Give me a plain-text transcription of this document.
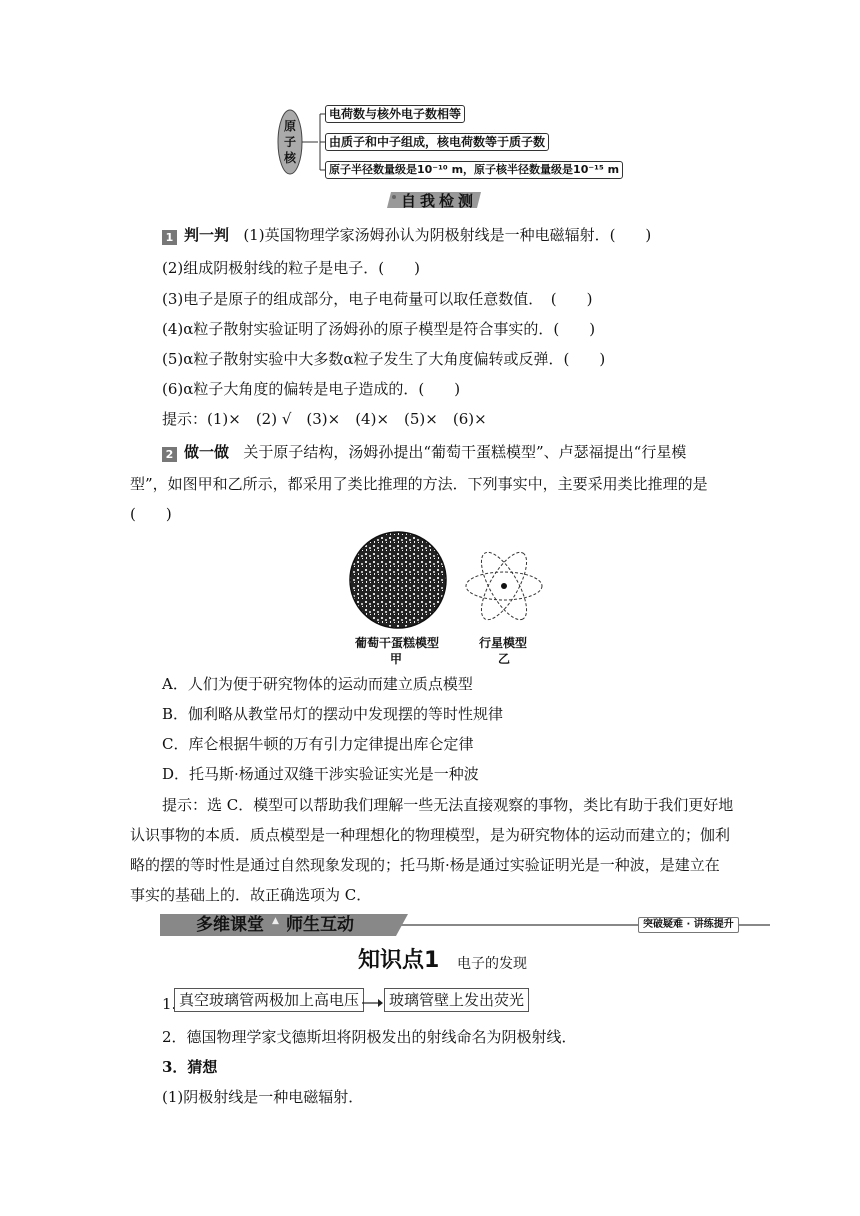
原
子
核
电荷数与核外电子数相等
由质子和中子组成，核电荷数等于质子数
原子半径数量级是10⁻¹⁰ m，原子核半径数量级是10⁻¹⁵ m
自我检测
1 判一判 (1)英国物理学家汤姆孙认为阴极射线是一种电磁辐射．(　　)
(2)组成阴极射线的粒子是电子．(　　)
(3)电子是原子的组成部分，电子电荷量可以取任意数值．　(　　)
(4)α粒子散射实验证明了汤姆孙的原子模型是符合事实的．(　　)
(5)α粒子散射实验中大多数α粒子发生了大角度偏转或反弹．(　　)
(6)α粒子大角度的偏转是电子造成的．(　　)
提示：(1)×　(2) √　(3)×　(4)×　(5)×　(6)×
2 做一做 关于原子结构，汤姆孙提出“葡萄干蛋糕模型”、卢瑟福提出“行星模
型”，如图甲和乙所示，都采用了类比推理的方法．下列事实中，主要采用类比推理的是
(　　)
葡萄干蛋糕模型
甲
行星模型
乙
A．人们为便于研究物体的运动而建立质点模型
B．伽利略从教堂吊灯的摆动中发现摆的等时性规律
C．库仑根据牛顿的万有引力定律提出库仑定律
D．托马斯·杨通过双缝干涉实验证实光是一种波
提示：选 C．模型可以帮助我们理解一些无法直接观察的事物，类比有助于我们更好地
认识事物的本质．质点模型是一种理想化的物理模型，是为研究物体的运动而建立的；伽利
略的摆的等时性是通过自然现象发现的；托马斯·杨是通过实验证明光是一种波，是建立在
事实的基础上的．故正确选项为 C．
多维课堂 ▲ 师生互动	突破疑难 · 讲练提升
知识点1 电子的发现
1. 真空玻璃管两极加上高电压	玻璃管壁上发出荧光
2．德国物理学家戈德斯坦将阴极发出的射线命名为阴极射线．
3．猜想
(1)阴极射线是一种电磁辐射．
